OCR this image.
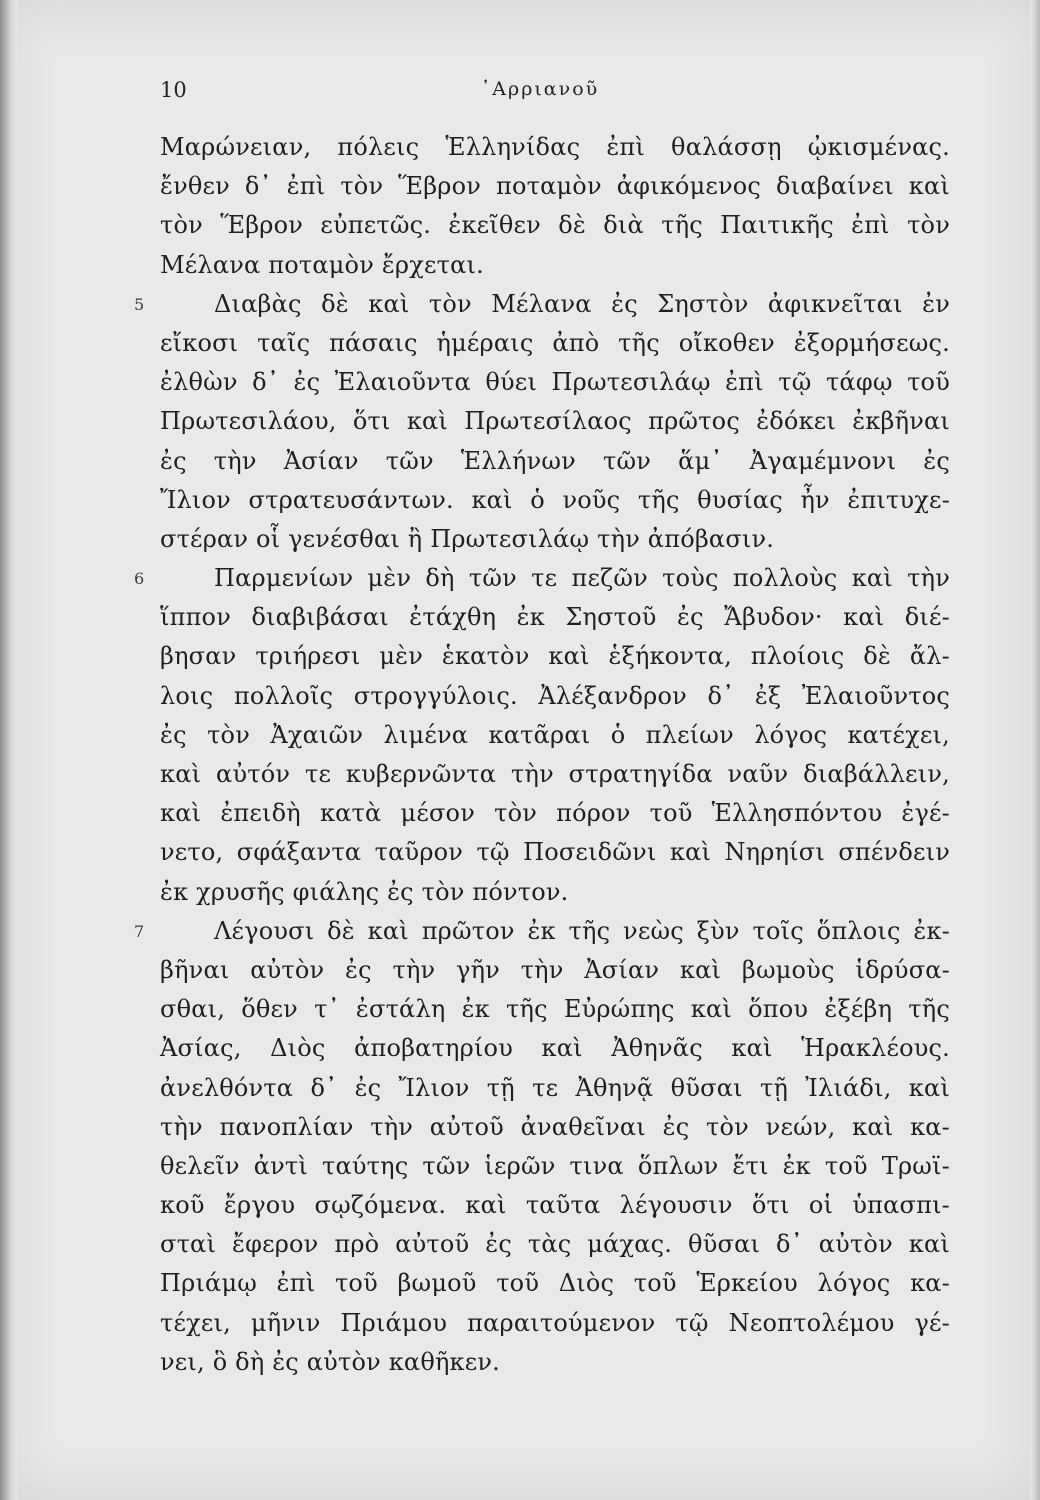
10	᾿Αρριανοῦ
Μαρώνειαν, πόλεις Ἑλληνίδας ἐπὶ θαλάσσῃ ᾠκισμένας.
ἔνθεν δ᾿ ἐπὶ τὸν Ἕβρον ποταμὸν ἀφικόμενος διαβαίνει καὶ
τὸν Ἕβρον εὐπετῶς. ἐκεῖθεν δὲ διὰ τῆς Παιτικῆς ἐπὶ τὸν
Μέλανα ποταμὸν ἔρχεται.
5	Διαβὰς δὲ καὶ τὸν Μέλανα ἐς Σηστὸν ἀφικνεῖται ἐν
εἴκοσι ταῖς πάσαις ἡμέραις ἀπὸ τῆς οἴκοθεν ἐξορμήσεως.
ἐλθὼν δ᾿ ἐς Ἐλαιοῦντα θύει Πρωτεσιλάῳ ἐπὶ τῷ τάφῳ τοῦ
Πρωτεσιλάου, ὅτι καὶ Πρωτεσίλαος πρῶτος ἐδόκει ἐκβῆναι
ἐς τὴν Ἀσίαν τῶν Ἑλλήνων τῶν ἅμ᾿ Ἀγαμέμνονι ἐς
Ἴλιον στρατευσάντων. καὶ ὁ νοῦς τῆς θυσίας ἦν ἐπιτυχε-
στέραν οἷ γενέσθαι ἢ Πρωτεσιλάῳ τὴν ἀπόβασιν.
6	Παρμενίων μὲν δὴ τῶν τε πεζῶν τοὺς πολλοὺς καὶ τὴν
ἵππον διαβιβάσαι ἐτάχθη ἐκ Σηστοῦ ἐς Ἄβυδον· καὶ διέ-
βησαν τριήρεσι μὲν ἑκατὸν καὶ ἑξήκοντα, πλοίοις δὲ ἄλ-
λοις πολλοῖς στρογγύλοις. Ἀλέξανδρον δ᾿ ἐξ Ἐλαιοῦντος
ἐς τὸν Ἀχαιῶν λιμένα κατᾶραι ὁ πλείων λόγος κατέχει,
καὶ αὐτόν τε κυβερνῶντα τὴν στρατηγίδα ναῦν διαβάλλειν,
καὶ ἐπειδὴ κατὰ μέσον τὸν πόρον τοῦ Ἑλλησπόντου ἐγέ-
νετο, σφάξαντα ταῦρον τῷ Ποσειδῶνι καὶ Νηρηίσι σπένδειν
ἐκ χρυσῆς φιάλης ἐς τὸν πόντον.
7	Λέγουσι δὲ καὶ πρῶτον ἐκ τῆς νεὼς ξὺν τοῖς ὅπλοις ἐκ-
βῆναι αὐτὸν ἐς τὴν γῆν τὴν Ἀσίαν καὶ βωμοὺς ἱδρύσα-
σθαι, ὅθεν τ᾿ ἐστάλη ἐκ τῆς Εὐρώπης καὶ ὅπου ἐξέβη τῆς
Ἀσίας, Διὸς ἀποβατηρίου καὶ Ἀθηνᾶς καὶ Ἡρακλέους.
ἀνελθόντα δ᾿ ἐς Ἴλιον τῇ τε Ἀθηνᾷ θῦσαι τῇ Ἰλιάδι, καὶ
τὴν πανοπλίαν τὴν αὐτοῦ ἀναθεῖναι ἐς τὸν νεών, καὶ κα-
θελεῖν ἀντὶ ταύτης τῶν ἱερῶν τινα ὅπλων ἔτι ἐκ τοῦ Τρωϊ-
κοῦ ἔργου σῳζόμενα. καὶ ταῦτα λέγουσιν ὅτι οἱ ὑπασπι-
σταὶ ἔφερον πρὸ αὐτοῦ ἐς τὰς μάχας. θῦσαι δ᾿ αὐτὸν καὶ
Πριάμῳ ἐπὶ τοῦ βωμοῦ τοῦ Διὸς τοῦ Ἑρκείου λόγος κα-
τέχει, μῆνιν Πριάμου παραιτούμενον τῷ Νεοπτολέμου γέ-
νει, ὃ δὴ ἐς αὐτὸν καθῆκεν.
